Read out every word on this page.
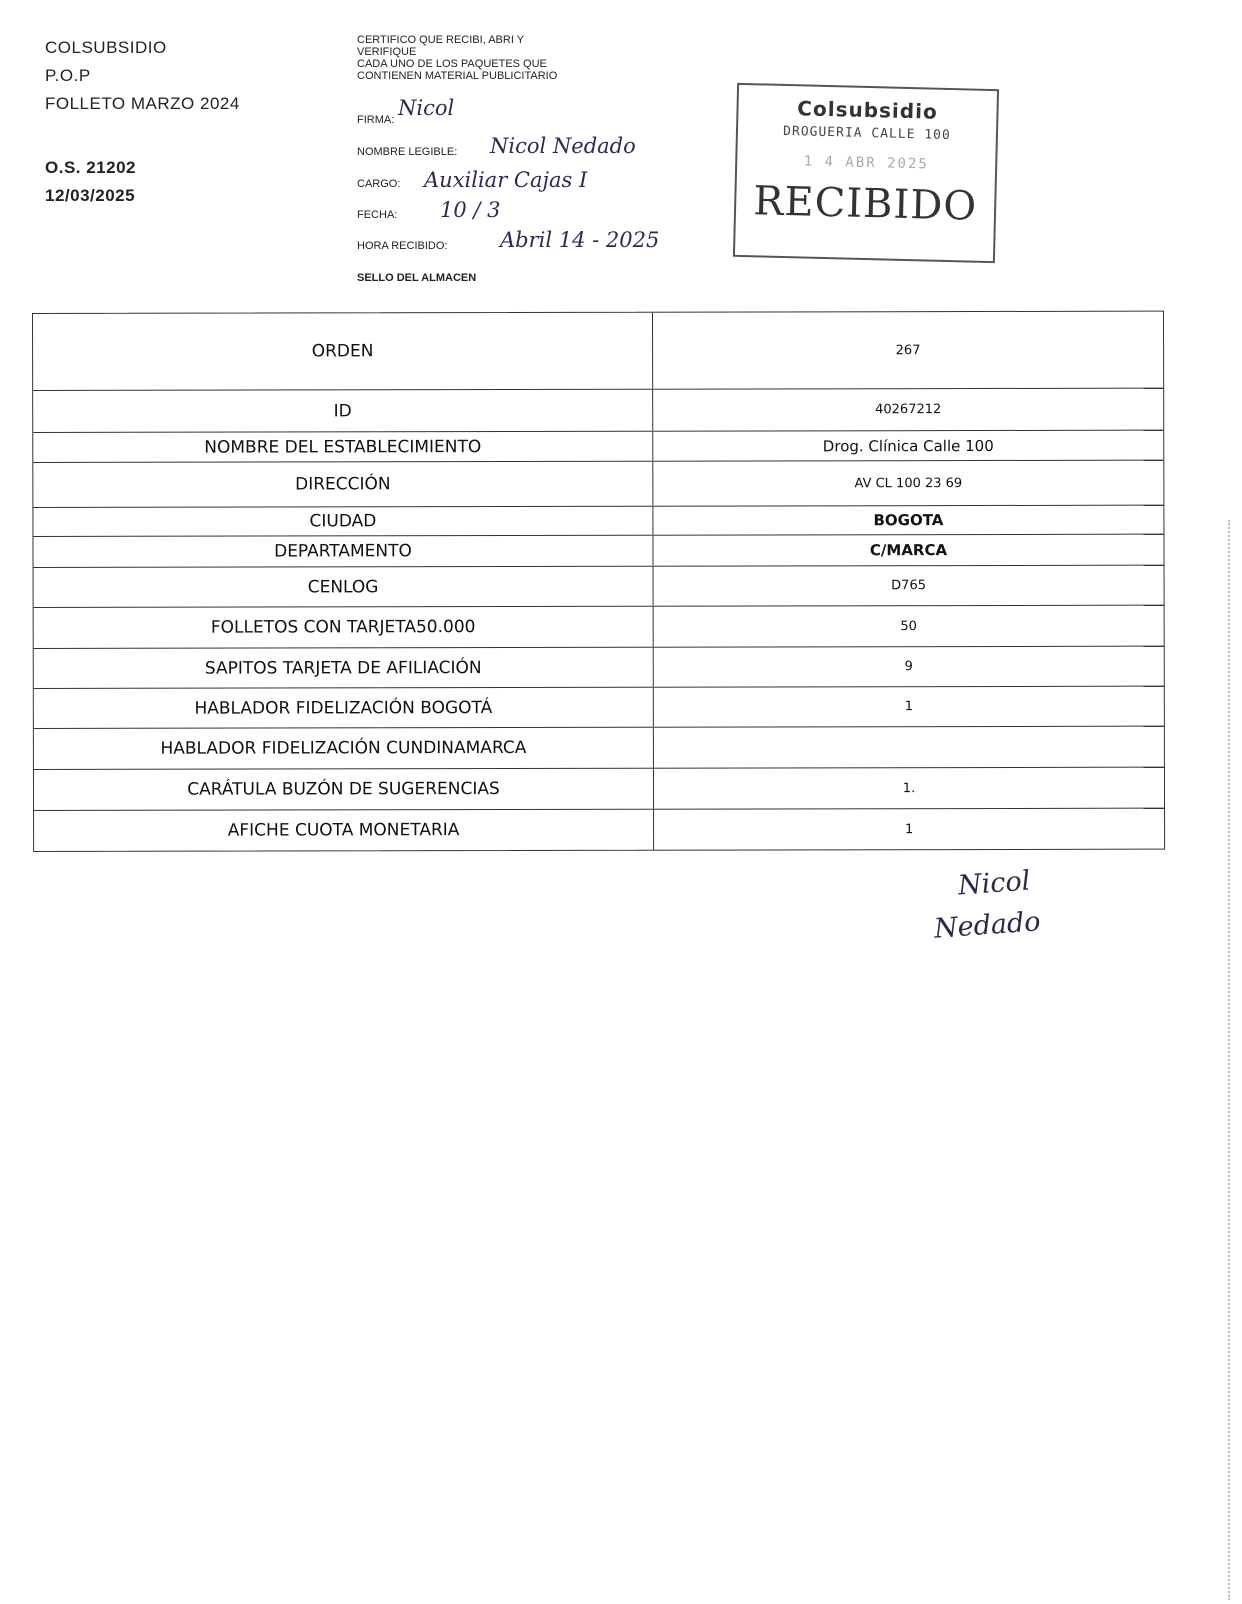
COLSUBSIDIO
P.O.P
FOLLETO MARZO 2024
O.S. 21202
12/03/2025
CERTIFICO QUE RECIBI, ABRI Y
VERIFIQUE
CADA UNO DE LOS PAQUETES QUE
CONTIENEN MATERIAL PUBLICITARIO
FIRMA: Nicol
NOMBRE LEGIBLE: Nicol Nedado
CARGO: Auxiliar Cajas I
FECHA: 10 / 3
HORA RECIBIDO:	Abril 14 - 2025
SELLO DEL ALMACEN
Colsubsidio
DROGUERIA CALLE 100
1 4 ABR 2025
RECIBIDO
ORDEN	267
ID	40267212
NOMBRE DEL ESTABLECIMIENTO	Drog. Clínica Calle 100
DIRECCIÓN	AV CL 100 23 69
CIUDAD	BOGOTA
DEPARTAMENTO	C/MARCA
CENLOG	D765
FOLLETOS CON TARJETA50.000	50
SAPITOS TARJETA DE AFILIACIÓN	9
HABLADOR FIDELIZACIÓN BOGOTÁ	1
HABLADOR FIDELIZACIÓN CUNDINAMARCA
CARÁTULA BUZÓN DE SUGERENCIAS	1.
AFICHE CUOTA MONETARIA	1
Nicol
Nedado
